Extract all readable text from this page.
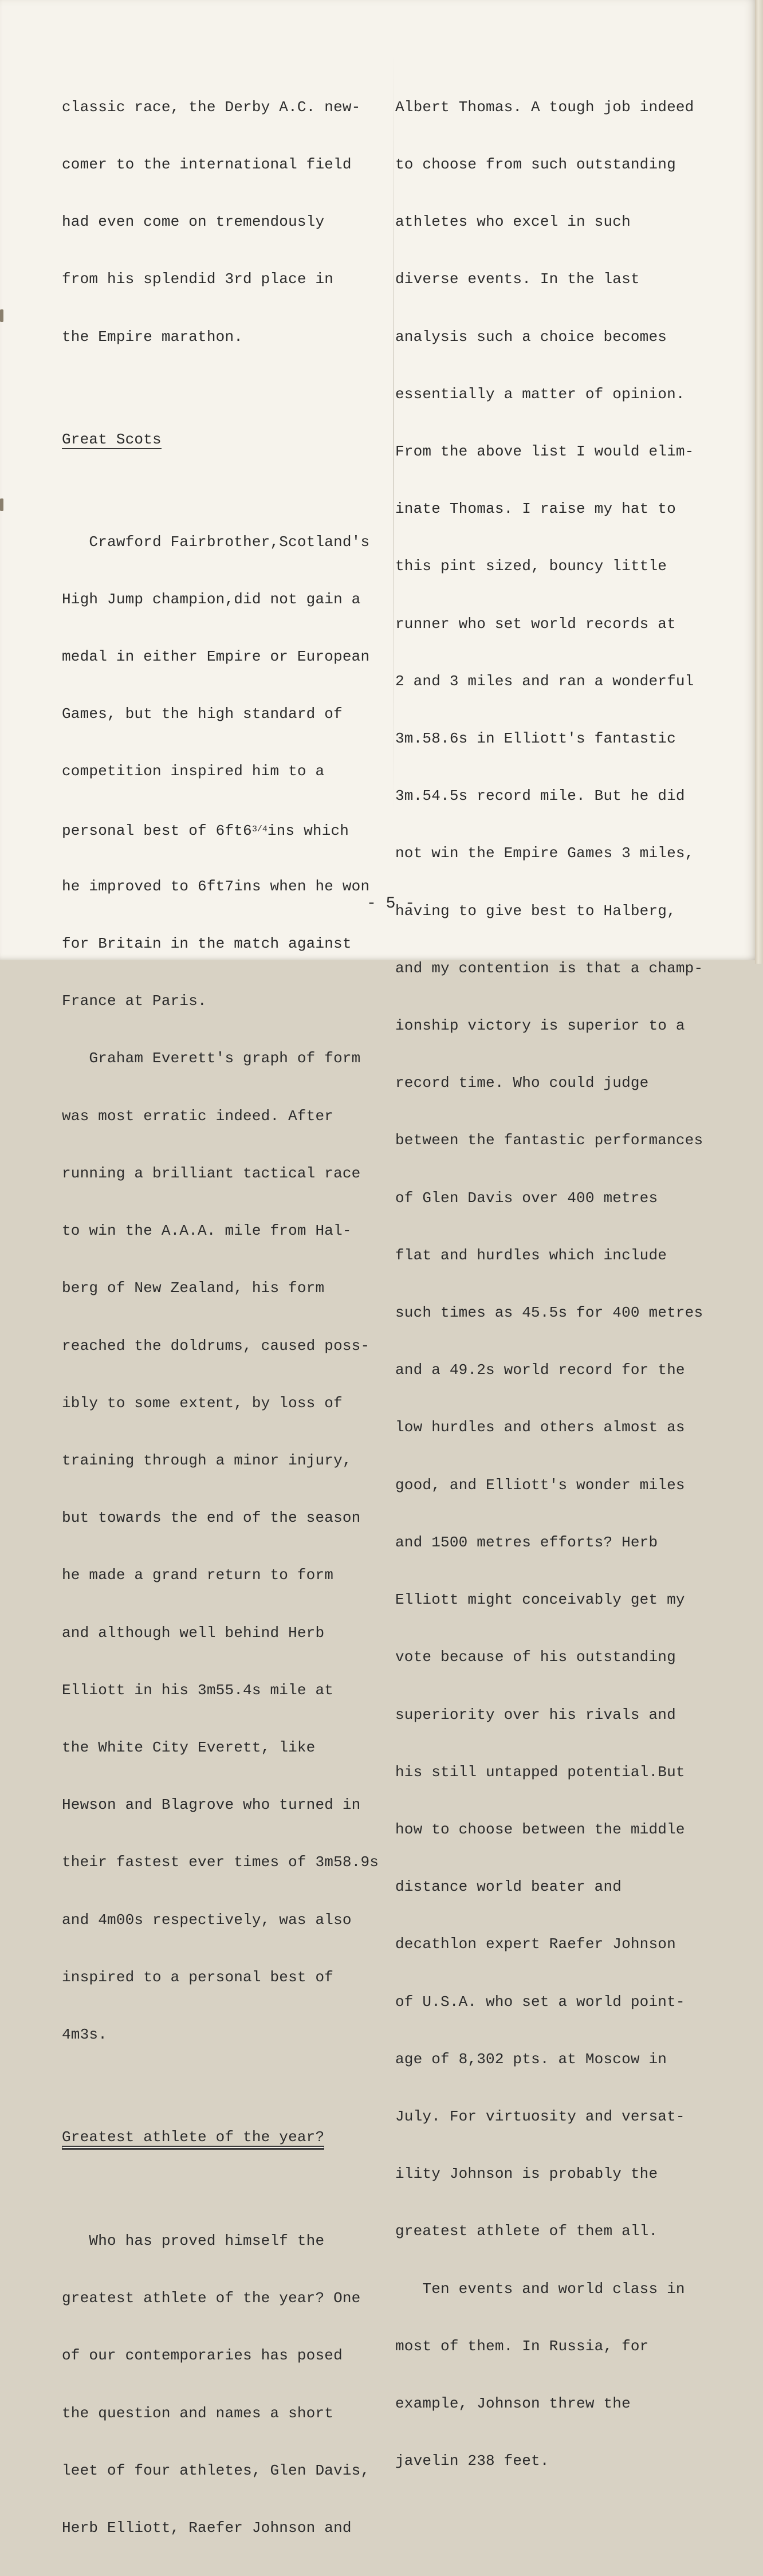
classic race, the Derby A.C. new-

comer to the international field

had even come on tremendously

from his splendid 3rd place in

the Empire marathon.

Great Scots

Crawford Fairbrother,Scotland's

High Jump champion,did not gain a

medal in either Empire or European

Games, but the high standard of

competition inspired him to a

personal best of $6ft6^{3/4}ins$ which

he improved to 6ft7ins when he won

for Britain in the match against

France at Paris.

Graham Everett's graph of form

was most erratic indeed. After

running a brilliant tactical race

to win the A.A.A. mile from Hal-

berg of New Zealand, his form

reached the doldrums, caused poss-

ibly to some extent, by loss of

training through a minor injury,

but towards the end of the season

he made a grand return to form

and although well behind Herb

Elliott in his 3m55.4s mile at

the White City Everett, like

Hewson and Blagrove who turned in

their fastest ever times of 3m58.9s

and 4m00s respectively, was also

inspired to a personal best of

4m3s.

Greatest athlete of the year?

Who has proved himself the

greatest athlete of the year? One

of our contemporaries has posed

the question and names a short

leet of four athletes, Glen Davis,

Herb Elliott, Raefer Johnson and

Albert Thomas. A tough job indeed

to choose from such outstanding

athletes who excel in such

diverse events. In the last

analysis such a choice becomes

essentially a matter of opinion.

From the above list I would elim-

inate Thomas. I raise my hat to

this pint sized, bouncy little

runner who set world records at

2 and 3 miles and ran a wonderful

3m.58.6s in Elliott's fantastic

3m.54.5s record mile. But he did

not win the Empire Games 3 miles,

having to give best to Halberg,

and my contention is that a champ-

ionship victory is superior to a

record time. Who could judge

between the fantastic performances

of Glen Davis over 400 metres

flat and hurdles which include

such times as 45.5s for 400 metres

and a 49.2s world record for the

low hurdles and others almost as

good, and Elliott's wonder miles

and 1500 metres efforts? Herb

Elliott might conceivably get my

vote because of his outstanding

superiority over his rivals and

his still untapped potential.But

how to choose between the middle

distance world beater and

decathlon expert Raefer Johnson

of U.S.A. who set a world point-

age of 8,302 pts. at Moscow in

July. For virtuosity and versat-

ility Johnson is probably the

greatest athlete of them all.

Ten events and world class in

most of them. In Russia, for

example, Johnson threw the

javelin 238 feet.

- 5 -
